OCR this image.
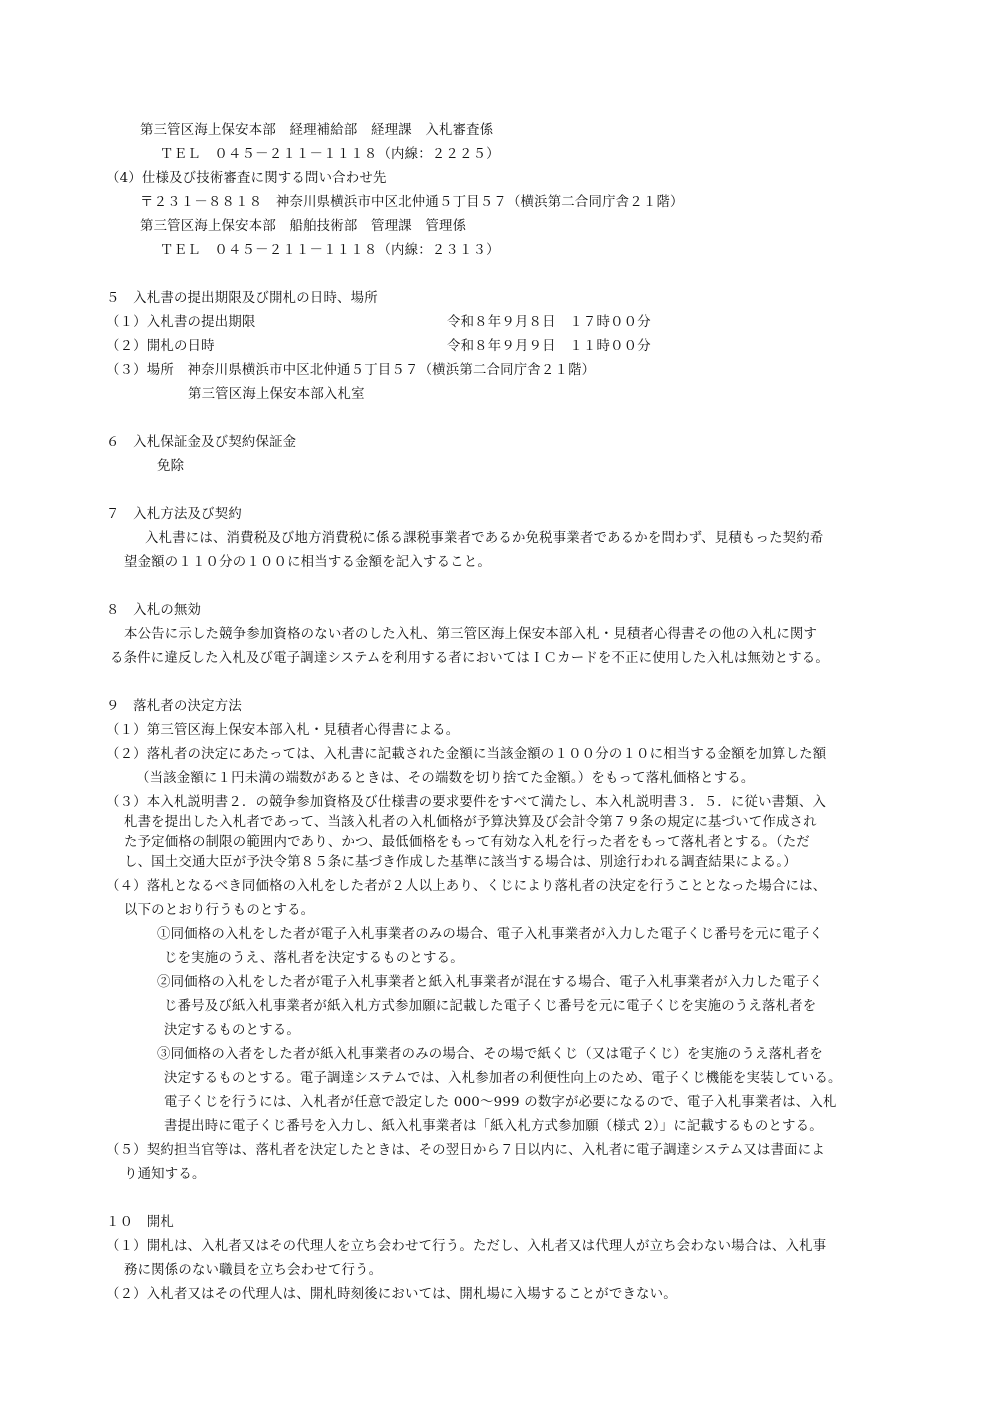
第三管区海上保安本部　経理補給部　経理課　入札審査係
ＴＥＬ　０４５－２１１－１１１８（内線：２２２５）
（4）仕様及び技術審査に関する問い合わせ先
〒２３１－８８１８　神奈川県横浜市中区北仲通５丁目５７（横浜第二合同庁舎２１階）
第三管区海上保安本部　船舶技術部　管理課　管理係
ＴＥＬ　０４５－２１１－１１１８（内線：２３１３）
５　入札書の提出期限及び開札の日時、場所
（１）入札書の提出期限	令和８年９月８日　１７時００分
（２）開札の日時	令和８年９月９日　１１時００分
（３）場所　神奈川県横浜市中区北仲通５丁目５７（横浜第二合同庁舎２１階）
第三管区海上保安本部入札室
６　入札保証金及び契約保証金
免除
７　入札方法及び契約
入札書には、消費税及び地方消費税に係る課税事業者であるか免税事業者であるかを問わず、見積もった契約希
望金額の１１０分の１００に相当する金額を記入すること。
８　入札の無効
本公告に示した競争参加資格のない者のした入札、第三管区海上保安本部入札・見積者心得書その他の入札に関す
る条件に違反した入札及び電子調達システムを利用する者においてはＩＣカードを不正に使用した入札は無効とする。
９　落札者の決定方法
（１）第三管区海上保安本部入札・見積者心得書による。
（２）落札者の決定にあたっては、入札書に記載された金額に当該金額の１００分の１０に相当する金額を加算した額
（当該金額に１円未満の端数があるときは、その端数を切り捨てた金額。）をもって落札価格とする。
（３）本入札説明書２．の競争参加資格及び仕様書の要求要件をすべて満たし、本入札説明書３．５．に従い書類、入
札書を提出した入札者であって、当該入札者の入札価格が予算決算及び会計令第７９条の規定に基づいて作成され
た予定価格の制限の範囲内であり、かつ、最低価格をもって有効な入札を行った者をもって落札者とする。（ただ
し、国土交通大臣が予決令第８５条に基づき作成した基準に該当する場合は、別途行われる調査結果による。）
（４）落札となるべき同価格の入札をした者が２人以上あり、くじにより落札者の決定を行うこととなった場合には、
以下のとおり行うものとする。
①同価格の入札をした者が電子入札事業者のみの場合、電子入札事業者が入力した電子くじ番号を元に電子く
じを実施のうえ、落札者を決定するものとする。
②同価格の入札をした者が電子入札事業者と紙入札事業者が混在する場合、電子入札事業者が入力した電子く
じ番号及び紙入札事業者が紙入札方式参加願に記載した電子くじ番号を元に電子くじを実施のうえ落札者を
決定するものとする。
③同価格の入者をした者が紙入札事業者のみの場合、その場で紙くじ（又は電子くじ）を実施のうえ落札者を
決定するものとする。電子調達システムでは、入札参加者の利便性向上のため、電子くじ機能を実装している。
電子くじを行うには、入札者が任意で設定した 000～999 の数字が必要になるので、電子入札事業者は、入札
書提出時に電子くじ番号を入力し、紙入札事業者は「紙入札方式参加願（様式 2）」に記載するものとする。
（５）契約担当官等は、落札者を決定したときは、その翌日から７日以内に、入札者に電子調達システム又は書面によ
り通知する。
１０　開札
（１）開札は、入札者又はその代理人を立ち会わせて行う。ただし、入札者又は代理人が立ち会わない場合は、入札事
務に関係のない職員を立ち会わせて行う。
（２）入札者又はその代理人は、開札時刻後においては、開札場に入場することができない。
